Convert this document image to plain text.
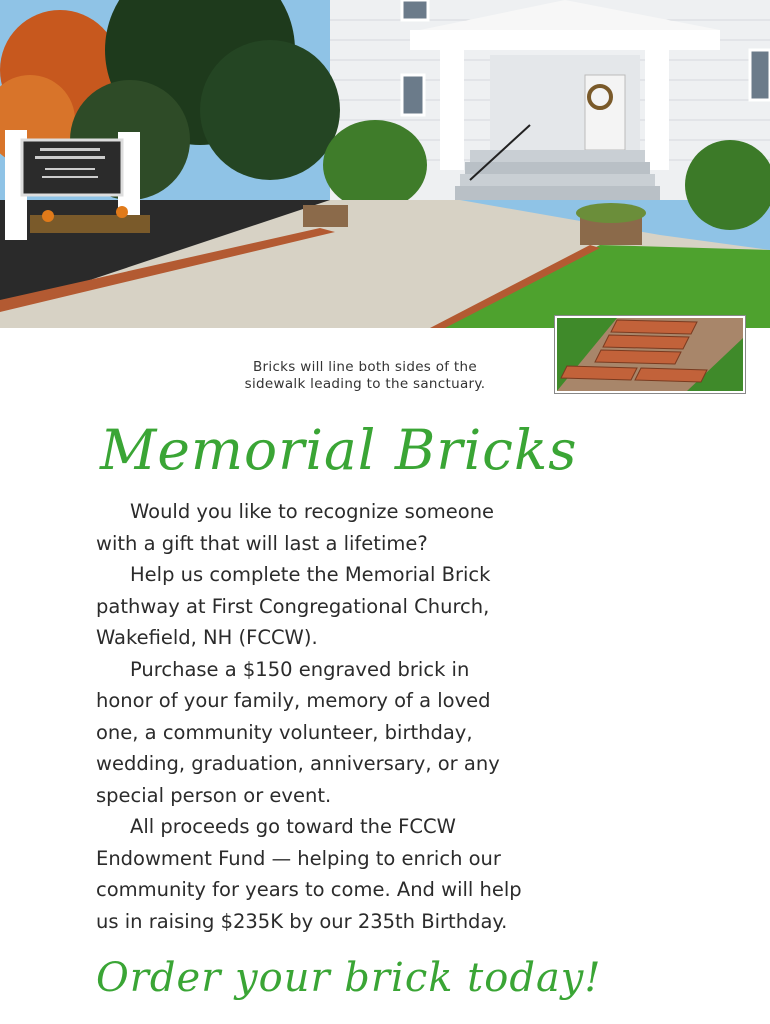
Bricks will line both sides of the
sidewalk leading to the sanctuary.
Memorial Bricks

Would you like to recognize someone
with a gift that will last a lifetime?

Help us complete the Memorial Brick
pathway at First Congregational Church,
Wakefield, NH (FCCW).

Purchase a $150 engraved brick in
honor of your family, memory of a loved
one, a community volunteer, birthday,
wedding, graduation, anniversary, or any
special person or event.

All proceeds go toward the FCCW
Endowment Fund — helping to enrich our
community for years to come. And will help
us in raising $235K by our 235th Birthday.

Order your brick today!
